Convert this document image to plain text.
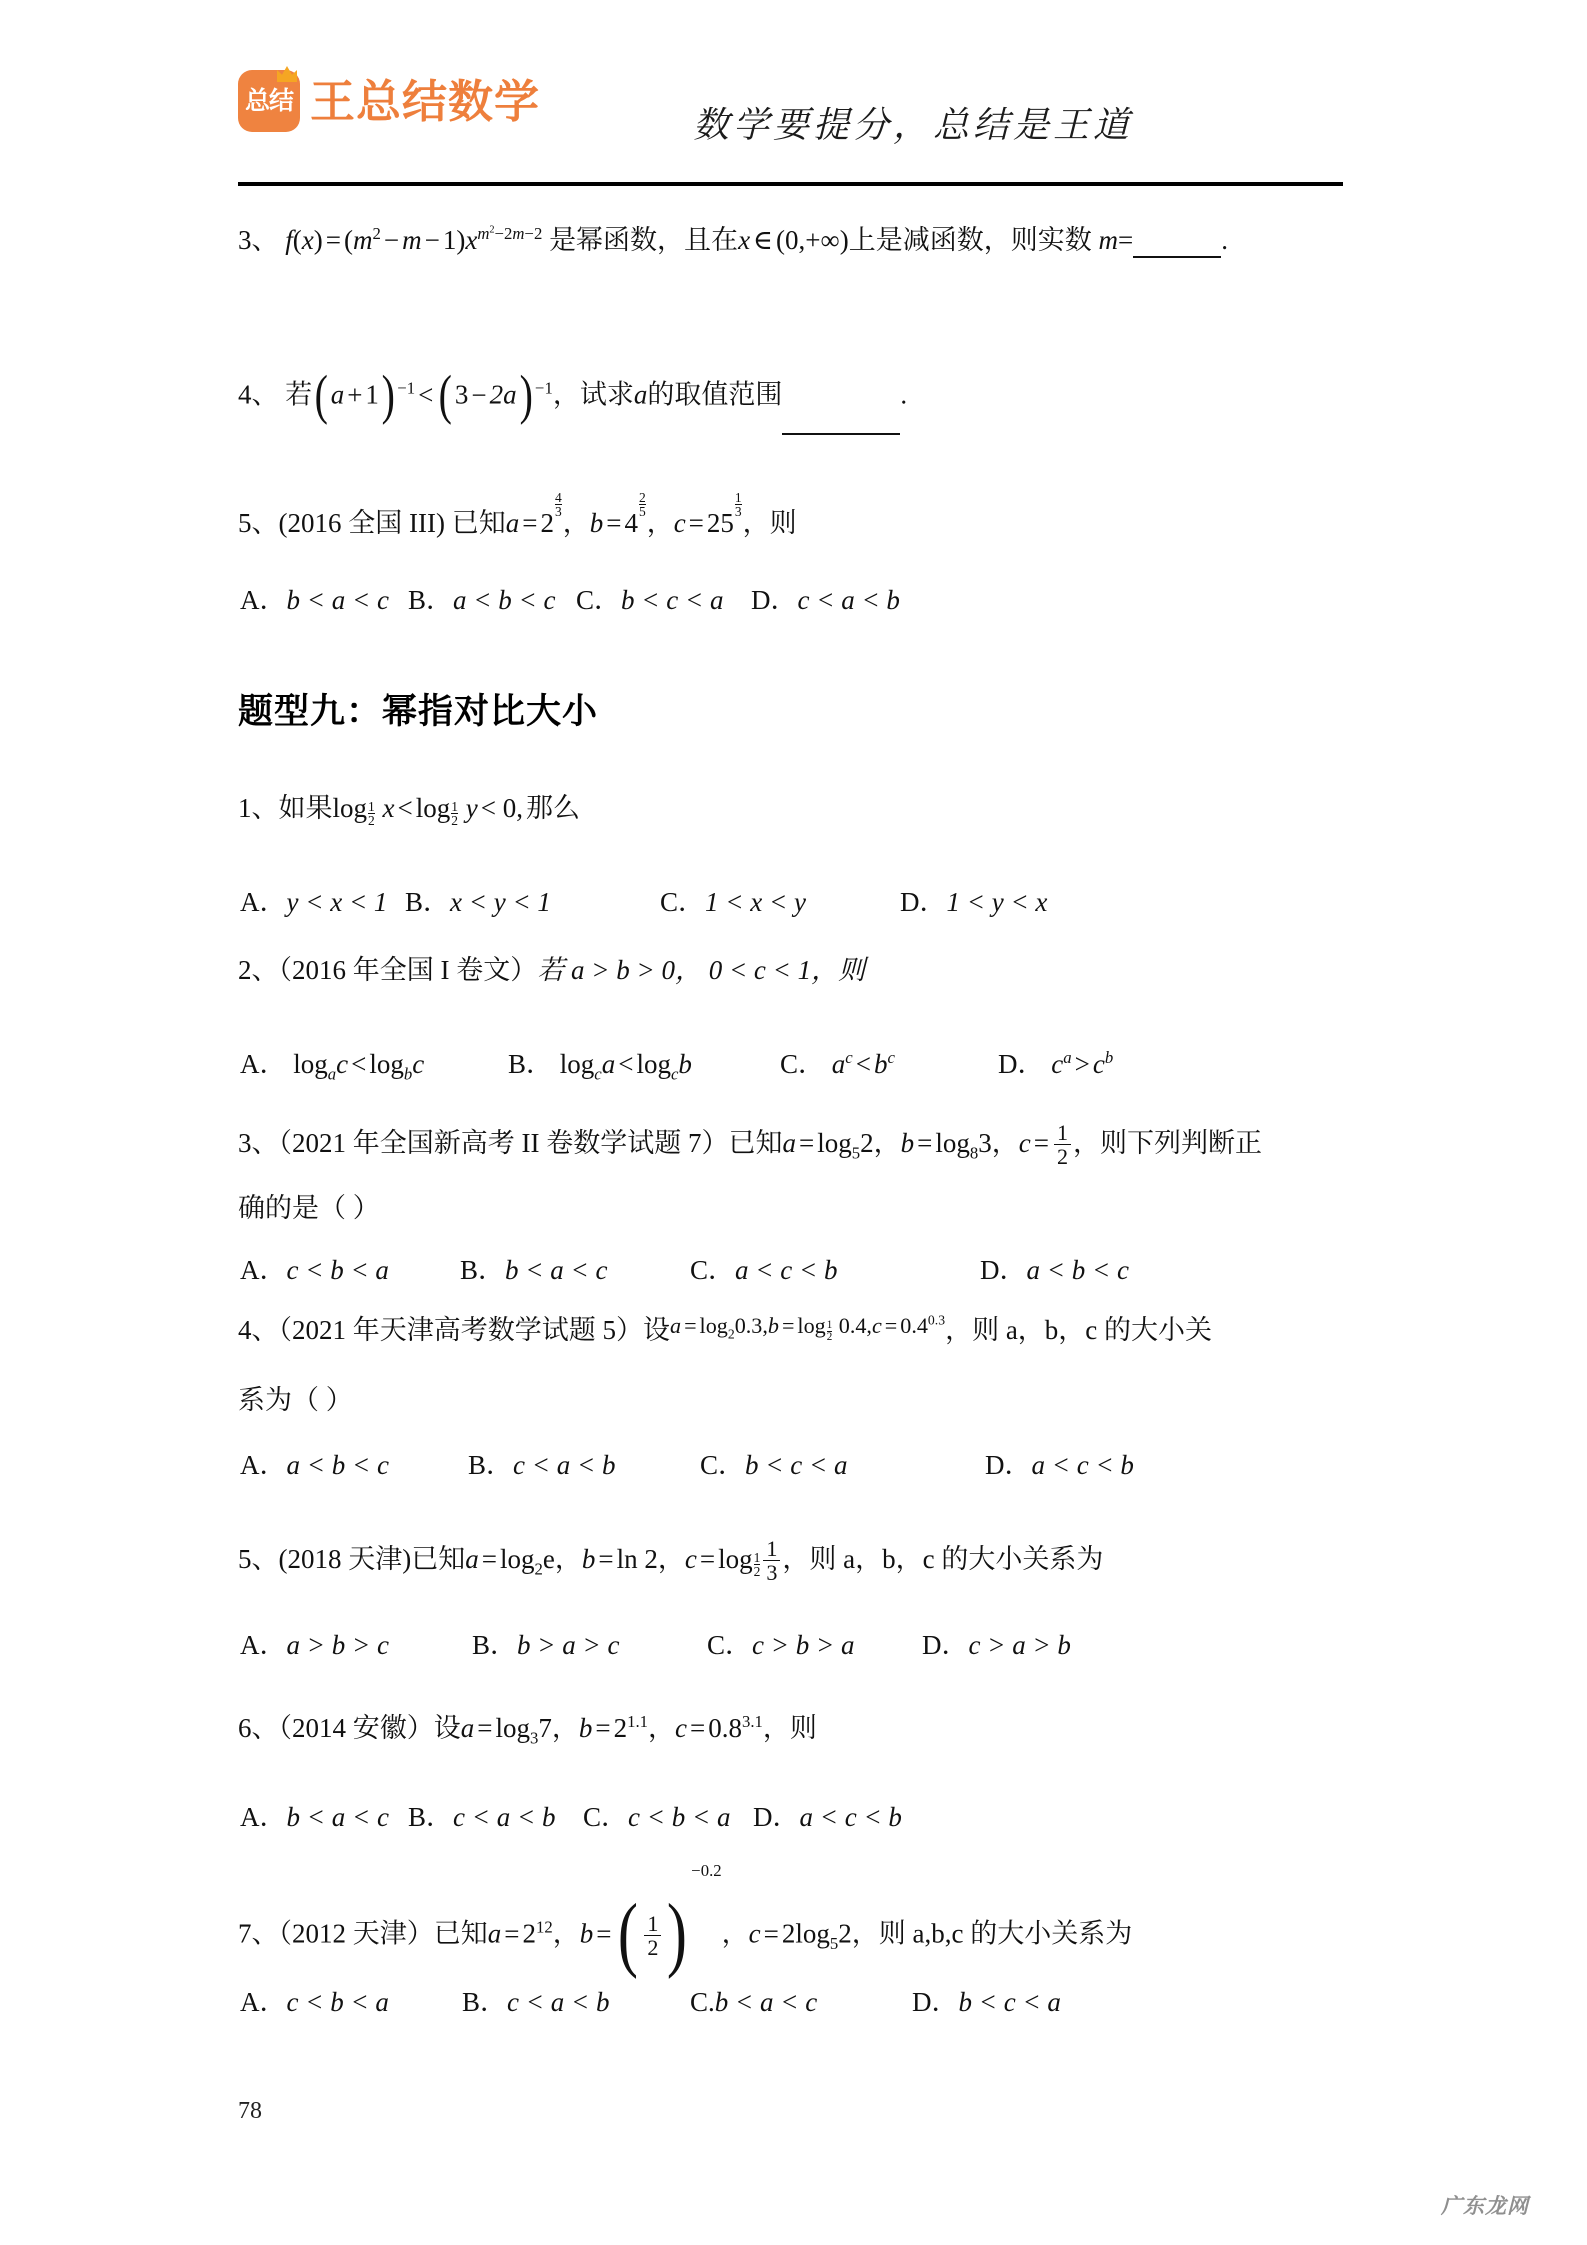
总结 王总结数学	数学要提分，总结是王道
3、 $f(x) = (m^2 - m - 1)x^{m^2-2m-2}$ 是幂函数，且在x ∈ (0,+∞)上是减函数，则实数 m=	.
4、 若(a + 1) $^{-1}$ < (3 − 2a) $^{-1}$，试求a的取值范围	.
5、(2016 全国 III) 已知a = 2
$\frac{4}{3}$
，b = 4
$\frac{2}{5}$
，c = 25
$\frac{1}{3}$
，则
A．b < a < c B．a < b < c C．b < c < a D．c < a < b
题型九：幂指对比大小
1、如果$\log \frac{1}{2}$ $x < \log \frac{1}{2}$ y < 0, 那么
A．y < x < 1 B．x < y < 1	C．1 < x < y	D．1 < y < x
2、（2016 年全国 I 卷文）若 a > b > 0， 0 < c < 1，则
A． $\log_ac < \log_bc$	B． $\log_ca < \log_cb$	C． $a^c < b^c$	D． $c^a > c^b$
3、（2021 年全国新高考 II 卷数学试题 7）已知$a = \log_52$，$b = \log_83$，$c = \frac{1}{2}$ ，则下列判断正
确的是（ ）
A．c < b < a	B．b < a < c	C．a < c < b	D．a < b < c
4、（2021 年天津高考数学试题 5）设$^{a = log_20.3,b = log \frac{1}{2} 0.4,c = 0.4^{0.3}}$，则 a，b，c 的大小关
系为（ ）
A．a < b < c	B．c < a < b	C．b < c < a	D．a < c < b
5、(2018 天津)已知$a = \log_2e$，b = ln 2，$c = \log \frac{1}{2} \frac{1}{3}$ ，则 a，b，c 的大小关系为
A．a > b > c	B．b > a > c	C．c > b > a	D．c > a > b
6、（2014 安徽）设$a = \log_37$，$b = 2^{1.1}$，$c = 0.8^{3.1}$，则
A．b < a < c B．c < a < b C．c < b < a D．a < c < b
7、（2012 天津）已知$a = 2^{12}$，b =( $\frac{1}{2} )^{-0.2}$，$c = 2\log_52$，则 a,b,c 的大小关系为
A．c < b < a	B．c < a < b	C.b < a < c	D．b < c < a
78
广东龙网
